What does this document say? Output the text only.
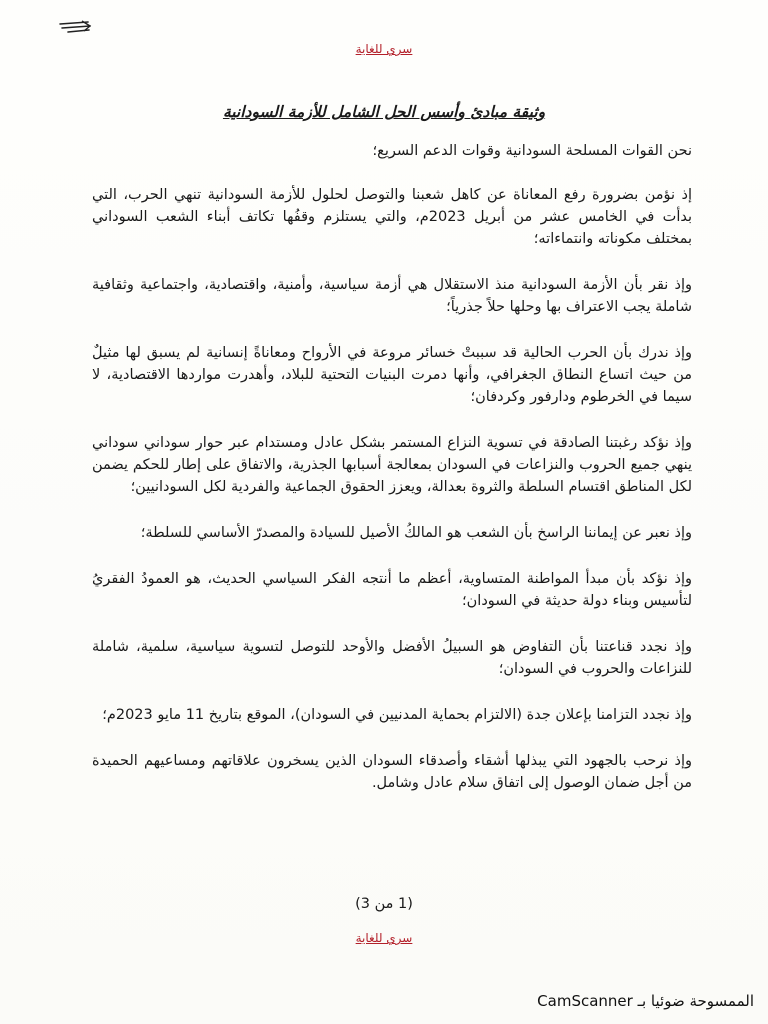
سري للغاية
وثيقة مبادئ وأسس الحل الشامل للأزمة السودانية

نحن القوات المسلحة السودانية وقوات الدعم السريع؛

إذ نؤمن بضرورة رفع المعاناة عن كاهل شعبنا والتوصل لحلول للأزمة السودانية تنهي الحرب، التي بدأت في الخامس عشر من أبريل 2023م، والتي يستلزم وقفُها تكاتف أبناء الشعب السوداني بمختلف مكوناته وانتماءاته؛

وإذ نقر بأن الأزمة السودانية منذ الاستقلال هي أزمة سياسية، وأمنية، واقتصادية، واجتماعية وثقافية شاملة يجب الاعتراف بها وحلها حلاً جذرياً؛

وإذ ندرك بأن الحرب الحالية قد سببتْ خسائر مروعة في الأرواح ومعاناةً إنسانية لم يسبق لها مثيلٌ من حيث اتساع النطاق الجغرافي، وأنها دمرت البنيات التحتية للبلاد، وأهدرت مواردها الاقتصادية، لا سيما في الخرطوم ودارفور وكردفان؛

وإذ نؤكد رغبتنا الصادقة في تسوية النزاع المستمر بشكل عادل ومستدام عبر حوار سوداني سوداني ينهي جميع الحروب والنزاعات في السودان بمعالجة أسبابها الجذرية، والاتفاق على إطار للحكم يضمن لكل المناطق اقتسام السلطة والثروة بعدالة، ويعزز الحقوق الجماعية والفردية لكل السودانيين؛

وإذ نعبر عن إيماننا الراسخ بأن الشعب هو المالكُ الأصيل للسيادة والمصدرّ الأساسي للسلطة؛

وإذ نؤكد بأن مبدأ المواطنة المتساوية، أعظم ما أنتجه الفكر السياسي الحديث، هو العمودُ الفقريُ لتأسيس وبناء دولة حديثة في السودان؛

وإذ نجدد قناعتنا بأن التفاوض هو السبيلُ الأفضل والأوحد للتوصل لتسوية سياسية، سلمية، شاملة للنزاعات والحروب في السودان؛

وإذ نجدد التزامنا بإعلان جدة (الالتزام بحماية المدنيين في السودان)، الموقع بتاريخ 11 مايو 2023م؛

وإذ نرحب بالجهود التي يبذلها أشقاء وأصدقاء السودان الذين يسخرون علاقاتهم ومساعيهم الحميدة من أجل ضمان الوصول إلى اتفاق سلام عادل وشامل.

(1 من 3)
سري للغاية
الممسوحة ضوئيا بـ CamScanner
